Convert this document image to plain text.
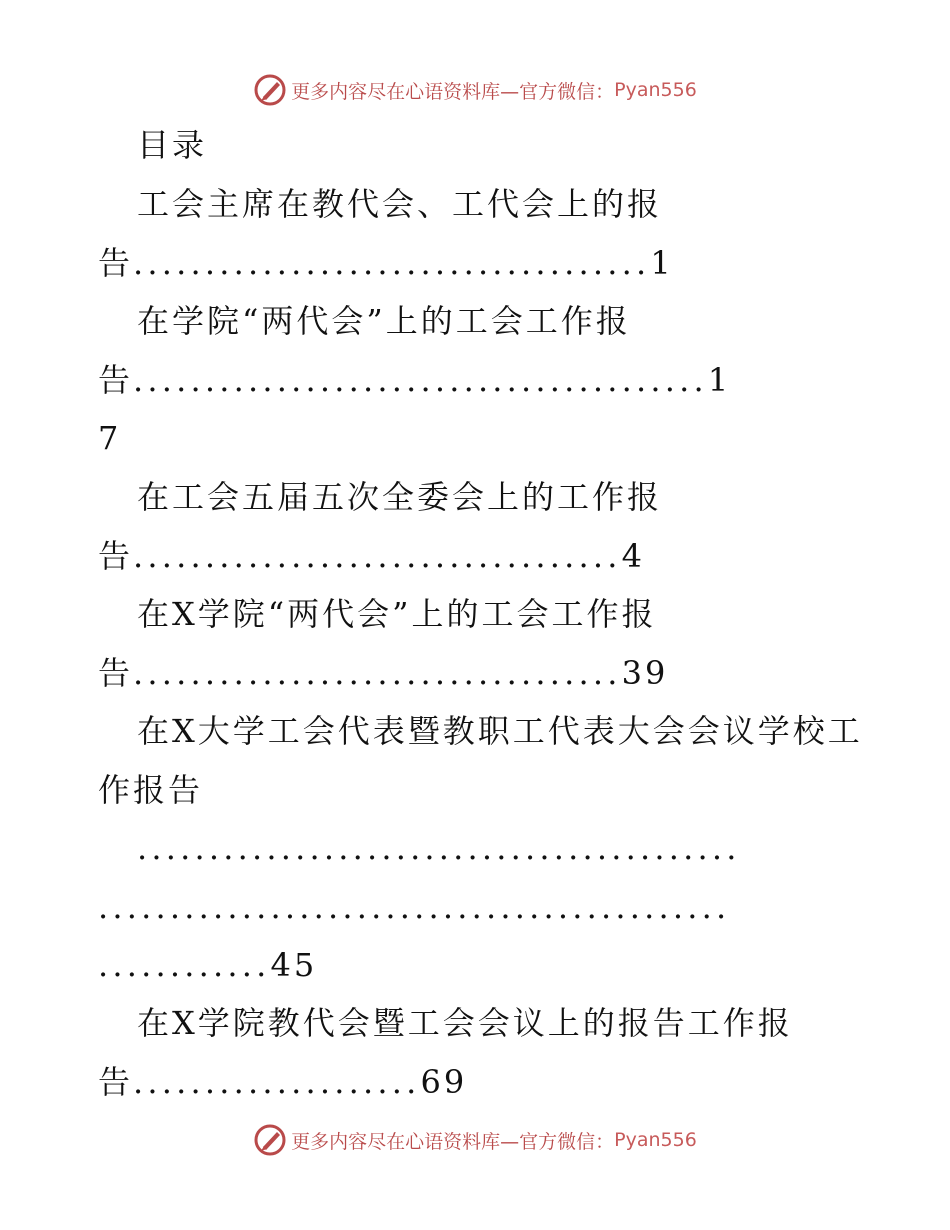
更多内容尽在心语资料库—官方微信： Pyan556
目录
工会主席在教代会、工代会上的报
告....................................1
在学院“两代会”上的工会工作报
告........................................1
7
在工会五届五次全委会上的工作报
告..................................4
在X学院“两代会”上的工会工作报
告..................................39
在X大学工会代表暨教职工代表大会会议学校工
作报告
..........................................
............................................
............45
在X学院教代会暨工会会议上的报告工作报
告....................69
更多内容尽在心语资料库—官方微信： Pyan556
